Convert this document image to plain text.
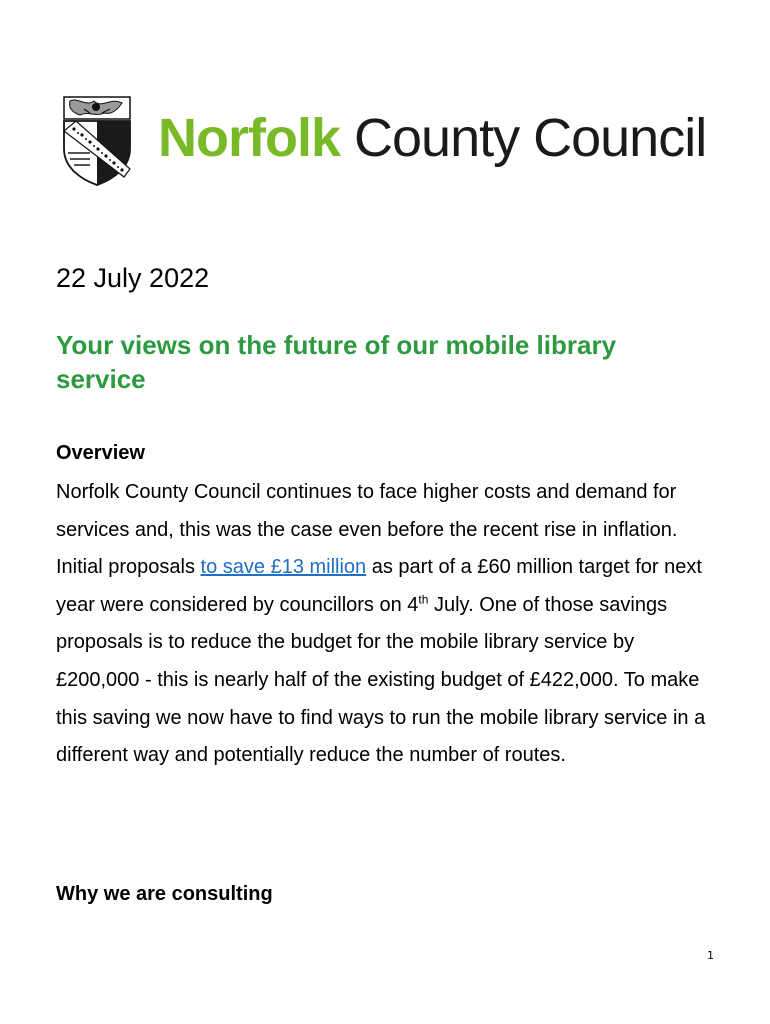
Norfolk County Council
22 July 2022
Your views on the future of our mobile library service
Overview

Norfolk County Council continues to face higher costs and demand for services and, this was the case even before the recent rise in inflation. Initial proposals to save £13 million as part of a £60 million target for next year were considered by councillors on 4th July. One of those savings proposals is to reduce the budget for the mobile library service by £200,000 - this is nearly half of the existing budget of £422,000. To make this saving we now have to find ways to run the mobile library service in a different way and potentially reduce the number of routes.

Why we are consulting
1
